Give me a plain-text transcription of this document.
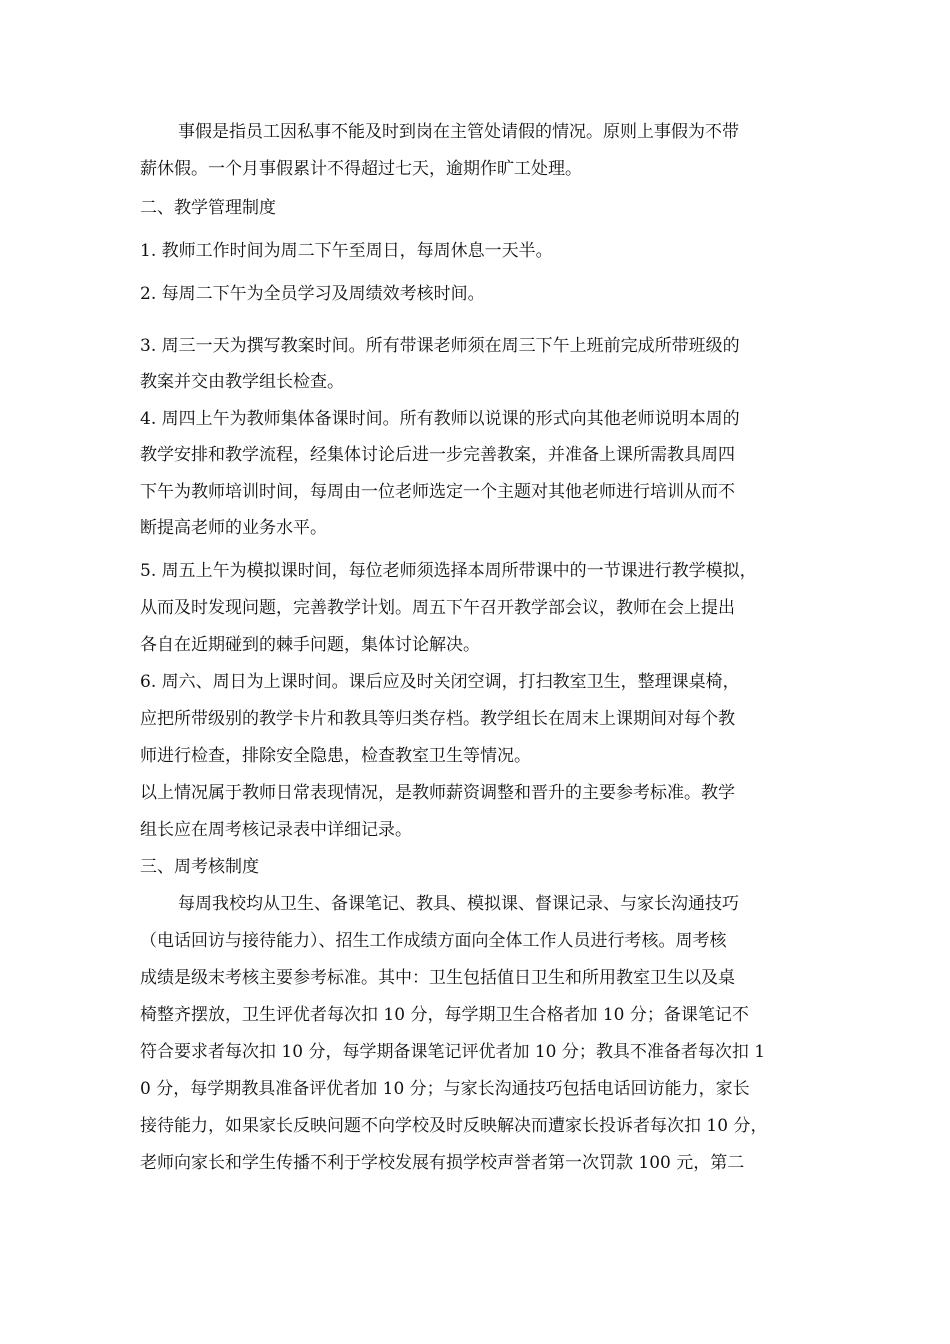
事假是指员工因私事不能及时到岗在主管处请假的情况。原则上事假为不带
薪休假。一个月事假累计不得超过七天，逾期作旷工处理。
二、教学管理制度
1. 教师工作时间为周二下午至周日，每周休息一天半。
2. 每周二下午为全员学习及周绩效考核时间。
3. 周三一天为撰写教案时间。所有带课老师须在周三下午上班前完成所带班级的
教案并交由教学组长检查。
4. 周四上午为教师集体备课时间。所有教师以说课的形式向其他老师说明本周的
教学安排和教学流程，经集体讨论后进一步完善教案，并准备上课所需教具周四
下午为教师培训时间，每周由一位老师选定一个主题对其他老师进行培训从而不
断提高老师的业务水平。
5. 周五上午为模拟课时间，每位老师须选择本周所带课中的一节课进行教学模拟，
从而及时发现问题，完善教学计划。周五下午召开教学部会议，教师在会上提出
各自在近期碰到的棘手问题，集体讨论解决。
6. 周六、周日为上课时间。课后应及时关闭空调，打扫教室卫生，整理课桌椅，
应把所带级别的教学卡片和教具等归类存档。教学组长在周末上课期间对每个教
师进行检查，排除安全隐患，检查教室卫生等情况。
以上情况属于教师日常表现情况，是教师薪资调整和晋升的主要参考标准。教学
组长应在周考核记录表中详细记录。
三、周考核制度
每周我校均从卫生、备课笔记、教具、模拟课、督课记录、与家长沟通技巧
（电话回访与接待能力）、招生工作成绩方面向全体工作人员进行考核。周考核
成绩是级末考核主要参考标准。其中：卫生包括值日卫生和所用教室卫生以及桌
椅整齐摆放，卫生评优者每次扣 10 分，每学期卫生合格者加 10 分；备课笔记不
符合要求者每次扣 10 分，每学期备课笔记评优者加 10 分；教具不准备者每次扣 1
0 分，每学期教具准备评优者加 10 分；与家长沟通技巧包括电话回访能力，家长
接待能力，如果家长反映问题不向学校及时反映解决而遭家长投诉者每次扣 10 分，
老师向家长和学生传播不利于学校发展有损学校声誉者第一次罚款 100 元，第二
